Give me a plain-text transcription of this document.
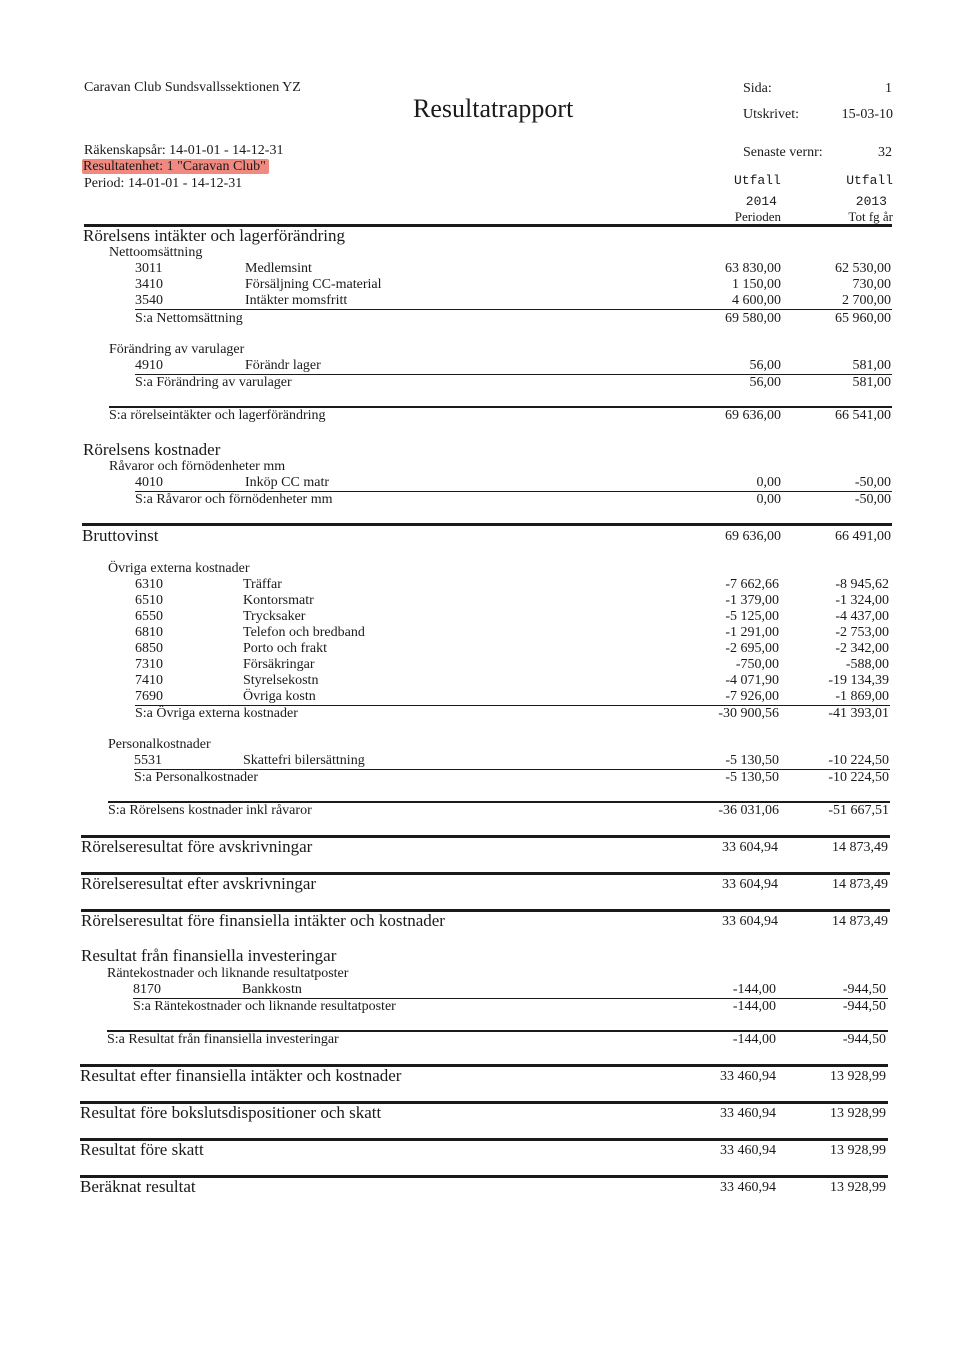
Caravan Club Sundsvallssektionen YZ
Resultatrapport
Sida:	1
Utskrivet:	15-03-10
Räkenskapsår: 14-01-01 - 14-12-31
Resultatenhet: 1 "Caravan Club"
Period: 14-01-01 - 14-12-31
Senaste vernr:	32
Utfall	Utfall
2014	2013
Perioden	Tot fg år
Rörelsens intäkter och lagerförändring
Nettoomsättning
3011	Medlemsint	63 830,00	62 530,00
3410	Försäljning CC-material	1 150,00	730,00
3540	Intäkter momsfritt	4 600,00	2 700,00
S:a Nettomsättning	69 580,00	65 960,00
Förändring av varulager
4910	Förändr lager	56,00	581,00
S:a Förändring av varulager	56,00	581,00
S:a rörelseintäkter och lagerförändring	69 636,00	66 541,00
Rörelsens kostnader
Råvaror och förnödenheter mm
4010	Inköp CC matr	0,00	-50,00
S:a Råvaror och förnödenheter mm	0,00	-50,00
Bruttovinst	69 636,00	66 491,00
Övriga externa kostnader
6310	Träffar	-7 662,66	-8 945,62
6510	Kontorsmatr	-1 379,00	-1 324,00
6550	Trycksaker	-5 125,00	-4 437,00
6810	Telefon och bredband	-1 291,00	-2 753,00
6850	Porto och frakt	-2 695,00	-2 342,00
7310	Försäkringar	-750,00	-588,00
7410	Styrelsekostn	-4 071,90	-19 134,39
7690	Övriga kostn	-7 926,00	-1 869,00
S:a Övriga externa kostnader	-30 900,56	-41 393,01
Personalkostnader
5531	Skattefri bilersättning	-5 130,50	-10 224,50
S:a Personalkostnader	-5 130,50	-10 224,50
S:a Rörelsens kostnader inkl råvaror	-36 031,06	-51 667,51
Rörelseresultat före avskrivningar	33 604,94	14 873,49
Rörelseresultat efter avskrivningar	33 604,94	14 873,49
Rörelseresultat före finansiella intäkter och kostnader	33 604,94	14 873,49
Resultat från finansiella investeringar
Räntekostnader och liknande resultatposter
8170	Bankkostn	-144,00	-944,50
S:a Räntekostnader och liknande resultatposter	-144,00	-944,50
S:a Resultat från finansiella investeringar	-144,00	-944,50
Resultat efter finansiella intäkter och kostnader	33 460,94	13 928,99
Resultat före bokslutsdispositioner och skatt	33 460,94	13 928,99
Resultat före skatt	33 460,94	13 928,99
Beräknat resultat	33 460,94	13 928,99
